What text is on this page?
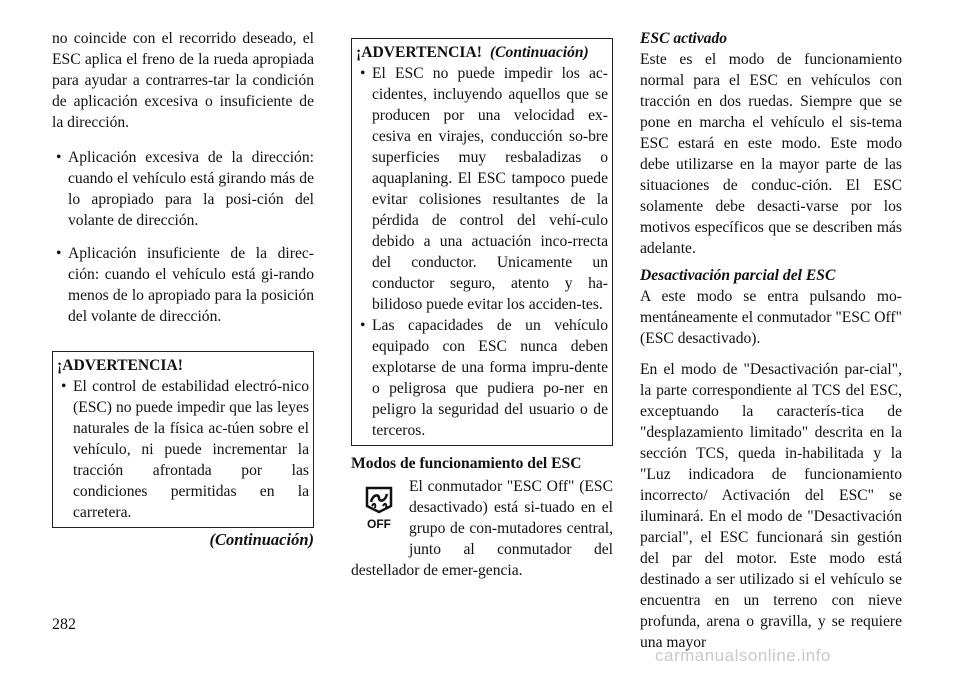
no coincide con el recorrido deseado, el ESC aplica el freno de la rueda apropiada para ayudar a contrarres-tar la condición de aplicación excesiva o insuficiente de la dirección.

• Aplicación excesiva de la dirección: cuando el vehículo está girando más de lo apropiado para la posi-ción del volante de dirección.
• Aplicación insuficiente de la direc-ción: cuando el vehículo está gi-rando menos de lo apropiado para la posición del volante de dirección.
¡ADVERTENCIA!
• El control de estabilidad electró-nico (ESC) no puede impedir que las leyes naturales de la física ac-túen sobre el vehículo, ni puede incrementar la tracción afrontada por las condiciones permitidas en la carretera.
(Continuación)
¡ADVERTENCIA! (Continuación)
• El ESC no puede impedir los ac-cidentes, incluyendo aquellos que se producen por una velocidad ex-cesiva en virajes, conducción so-bre superficies muy resbaladizas o aquaplaning. El ESC tampoco puede evitar colisiones resultantes de la pérdida de control del vehí-culo debido a una actuación inco-rrecta del conductor. Unicamente un conductor seguro, atento y ha-bilidoso puede evitar los acciden-tes.
• Las capacidades de un vehículo equipado con ESC nunca deben explotarse de una forma impru-dente o peligrosa que pudiera po-ner en peligro la seguridad del usuario o de terceros.
Modos de funcionamiento del ESC
OFF
El conmutador "ESC Off" (ESC desactivado) está si-tuado en el grupo de con-mutadores central, junto al conmutador del destellador de emer-gencia.
ESC activado

Este es el modo de funcionamiento normal para el ESC en vehículos con tracción en dos ruedas. Siempre que se pone en marcha el vehículo el sis-tema ESC estará en este modo. Este modo debe utilizarse en la mayor parte de las situaciones de conduc-ción. El ESC solamente debe desacti-varse por los motivos específicos que se describen más adelante.

Desactivación parcial del ESC

A este modo se entra pulsando mo-mentáneamente el conmutador "ESC Off" (ESC desactivado).

En el modo de "Desactivación par-cial", la parte correspondiente al TCS del ESC, exceptuando la caracterís-tica de "desplazamiento limitado" descrita en la sección TCS, queda in-habilitada y la "Luz indicadora de funcionamiento incorrecto/ Activación del ESC" se iluminará. En el modo de "Desactivación parcial", el ESC funcionará sin gestión del par del motor. Este modo está destinado a ser utilizado si el vehículo se encuentra en un terreno con nieve profunda, arena o gravilla, y se requiere una mayor

282
carmanualsonline.info
